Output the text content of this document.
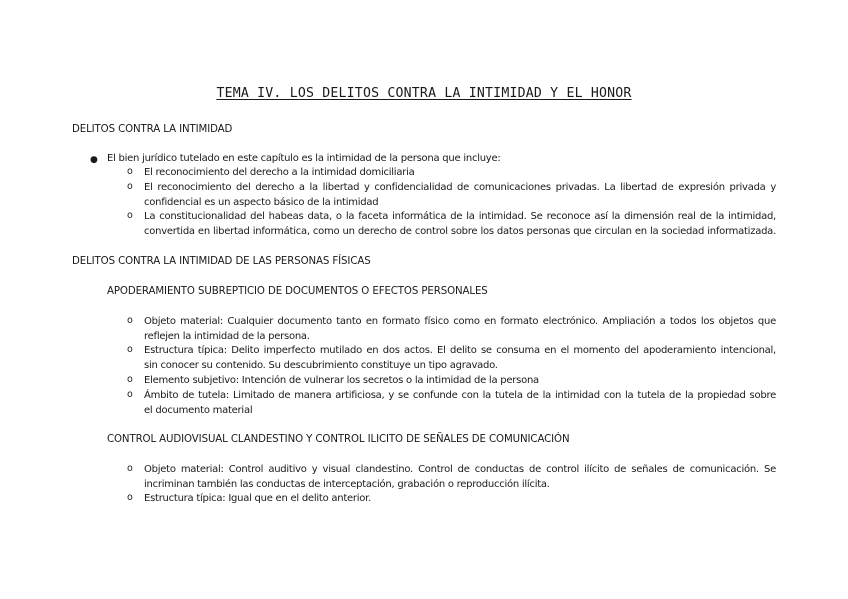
TEMA IV. LOS DELITOS CONTRA LA INTIMIDAD Y EL HONOR
DELITOS CONTRA LA INTIMIDAD
● El bien jurídico tutelado en este capítulo es la intimidad de la persona que incluye:
o El reconocimiento del derecho a la intimidad domiciliaria
o El reconocimiento del derecho a la libertad y confidencialidad de comunicaciones privadas. La libertad de expresión privada y
confidencial es un aspecto básico de la intimidad
o La constitucionalidad del habeas data, o la faceta informática de la intimidad. Se reconoce así la dimensión real de la intimidad,
convertida en libertad informática, como un derecho de control sobre los datos personas que circulan en la sociedad informatizada.
DELITOS CONTRA LA INTIMIDAD DE LAS PERSONAS FÍSICAS
APODERAMIENTO SUBREPTICIO DE DOCUMENTOS O EFECTOS PERSONALES
o Objeto material: Cualquier documento tanto en formato físico como en formato electrónico. Ampliación a todos los objetos que
reflejen la intimidad de la persona.
o Estructura típica: Delito imperfecto mutilado en dos actos. El delito se consuma en el momento del apoderamiento intencional,
sin conocer su contenido. Su descubrimiento constituye un tipo agravado.
o Elemento subjetivo: Intención de vulnerar los secretos o la intimidad de la persona
o Ámbito de tutela: Limitado de manera artificiosa, y se confunde con la tutela de la intimidad con la tutela de la propiedad sobre
el documento material
CONTROL AUDIOVISUAL CLANDESTINO Y CONTROL ILICITO DE SEÑALES DE COMUNICACIÓN
o Objeto material: Control auditivo y visual clandestino. Control de conductas de control ilícito de señales de comunicación. Se
incriminan también las conductas de interceptación, grabación o reproducción ilícita.
o Estructura típica: Igual que en el delito anterior.
